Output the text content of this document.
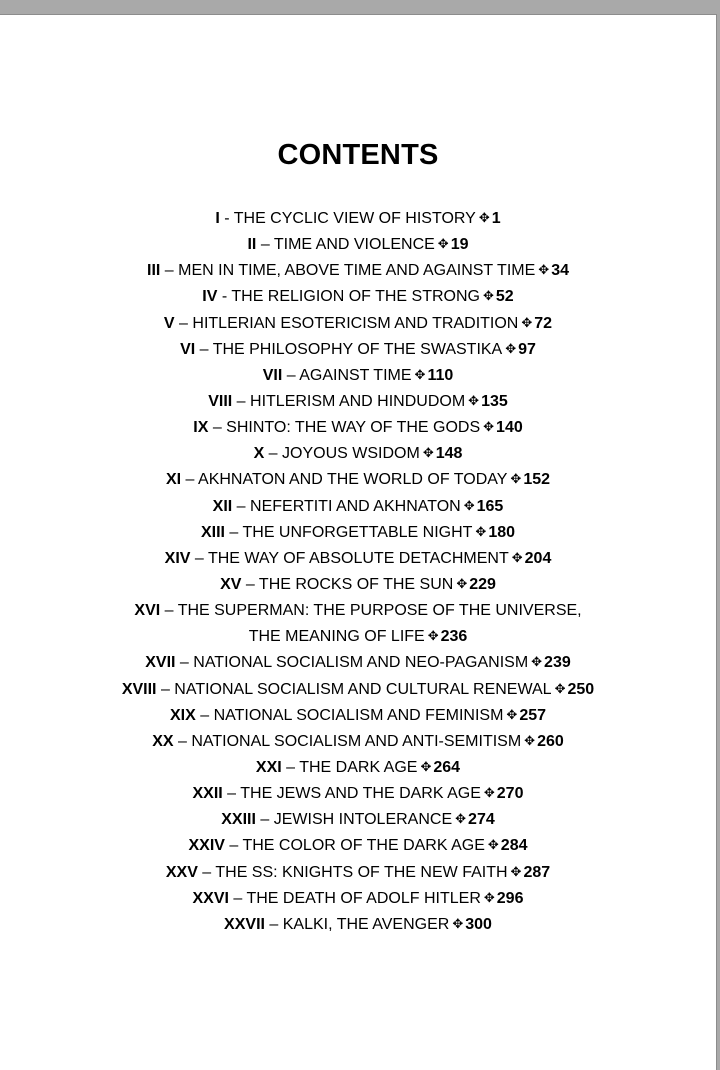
CONTENTS
I - THE CYCLIC VIEW OF HISTORY ✥ 1
II – TIME AND VIOLENCE ✥ 19
III – MEN IN TIME, ABOVE TIME AND AGAINST TIME ✥ 34
IV - THE RELIGION OF THE STRONG ✥ 52
V – HITLERIAN ESOTERICISM AND TRADITION ✥ 72
VI – THE PHILOSOPHY OF THE SWASTIKA ✥ 97
VII – AGAINST TIME ✥ 110
VIII – HITLERISM AND HINDUDOM ✥ 135
IX – SHINTO: THE WAY OF THE GODS ✥ 140
X – JOYOUS WSIDOM ✥ 148
XI – AKHNATON AND THE WORLD OF TODAY ✥ 152
XII – NEFERTITI AND AKHNATON ✥ 165
XIII – THE UNFORGETTABLE NIGHT ✥ 180
XIV – THE WAY OF ABSOLUTE DETACHMENT ✥ 204
XV – THE ROCKS OF THE SUN ✥ 229
XVI – THE SUPERMAN: THE PURPOSE OF THE UNIVERSE,
THE MEANING OF LIFE ✥ 236
XVII – NATIONAL SOCIALISM AND NEO-PAGANISM ✥ 239
XVIII – NATIONAL SOCIALISM AND CULTURAL RENEWAL ✥ 250
XIX – NATIONAL SOCIALISM AND FEMINISM ✥ 257
XX – NATIONAL SOCIALISM AND ANTI-SEMITISM ✥ 260
XXI – THE DARK AGE ✥ 264
XXII – THE JEWS AND THE DARK AGE ✥ 270
XXIII – JEWISH INTOLERANCE ✥ 274
XXIV – THE COLOR OF THE DARK AGE ✥ 284
XXV – THE SS: KNIGHTS OF THE NEW FAITH ✥ 287
XXVI – THE DEATH OF ADOLF HITLER ✥ 296
XXVII – KALKI, THE AVENGER ✥ 300
